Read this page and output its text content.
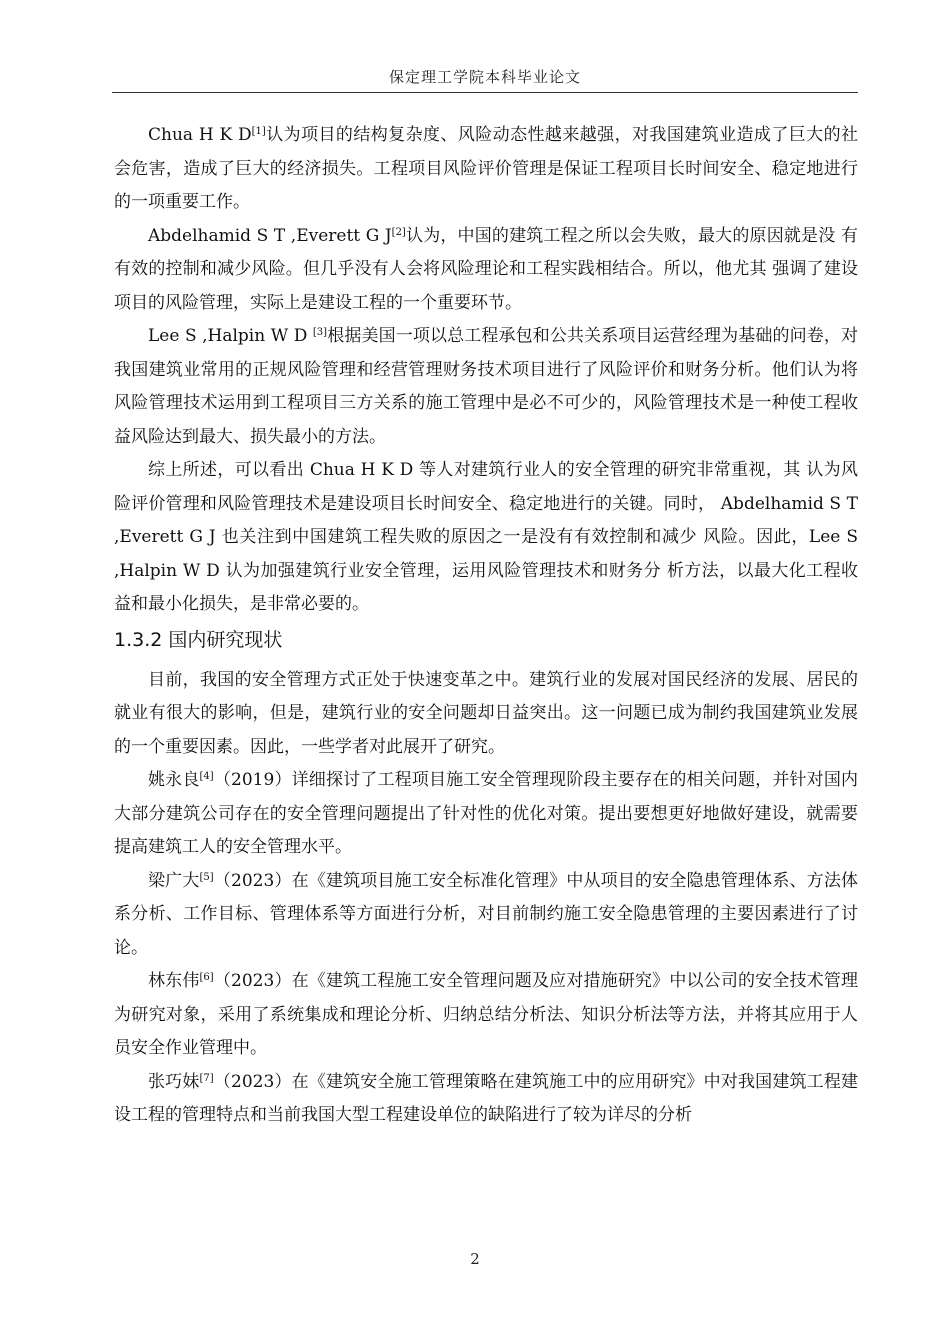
保定理工学院本科毕业论文

Chua H K D[1]认为项目的结构复杂度、风险动态性越来越强，对我国建筑业造成了巨大的社会危害，造成了巨大的经济损失。工程项目风险评价管理是保证工程项目长时间安全、稳定地进行的一项重要工作。

Abdelhamid S T ,Everett G J[2]认为，中国的建筑工程之所以会失败，最大的原因就是没 有有效的控制和减少风险。但几乎没有人会将风险理论和工程实践相结合。所以，他尤其 强调了建设项目的风险管理，实际上是建设工程的一个重要环节。

Lee S ,Halpin W D [3]根据美国一项以总工程承包和公共关系项目运营经理为基础的问卷，对我国建筑业常用的正规风险管理和经营管理财务技术项目进行了风险评价和财务分析。他们认为将风险管理技术运用到工程项目三方关系的施工管理中是必不可少的，风险管理技术是一种使工程收益风险达到最大、损失最小的方法。

综上所述，可以看出 Chua H K D 等人对建筑行业人的安全管理的研究非常重视，其 认为风险评价管理和风险管理技术是建设项目长时间安全、稳定地进行的关键。同时， Abdelhamid S T ,Everett G J 也关注到中国建筑工程失败的原因之一是没有有效控制和减少 风险。因此，Lee S ,Halpin W D 认为加强建筑行业安全管理，运用风险管理技术和财务分 析方法，以最大化工程收益和最小化损失，是非常必要的。

1.3.2 国内研究现状

目前，我国的安全管理方式正处于快速变革之中。建筑行业的发展对国民经济的发展、居民的就业有很大的影响，但是，建筑行业的安全问题却日益突出。这一问题已成为制约我国建筑业发展的一个重要因素。因此，一些学者对此展开了研究。

姚永良[4]（2019）详细探讨了工程项目施工安全管理现阶段主要存在的相关问题，并针对国内大部分建筑公司存在的安全管理问题提出了针对性的优化对策。提出要想更好地做好建设，就需要提高建筑工人的安全管理水平。

梁广大[5]（2023）在《建筑项目施工安全标准化管理》中从项目的安全隐患管理体系、方法体系分析、工作目标、管理体系等方面进行分析，对目前制约施工安全隐患管理的主要因素进行了讨论。

林东伟[6]（2023）在《建筑工程施工安全管理问题及应对措施研究》中以公司的安全技术管理为研究对象，采用了系统集成和理论分析、归纳总结分析法、知识分析法等方法，并将其应用于人员安全作业管理中。

张巧妹[7]（2023）在《建筑安全施工管理策略在建筑施工中的应用研究》中对我国建筑工程建设工程的管理特点和当前我国大型工程建设单位的缺陷进行了较为详尽的分析

2
